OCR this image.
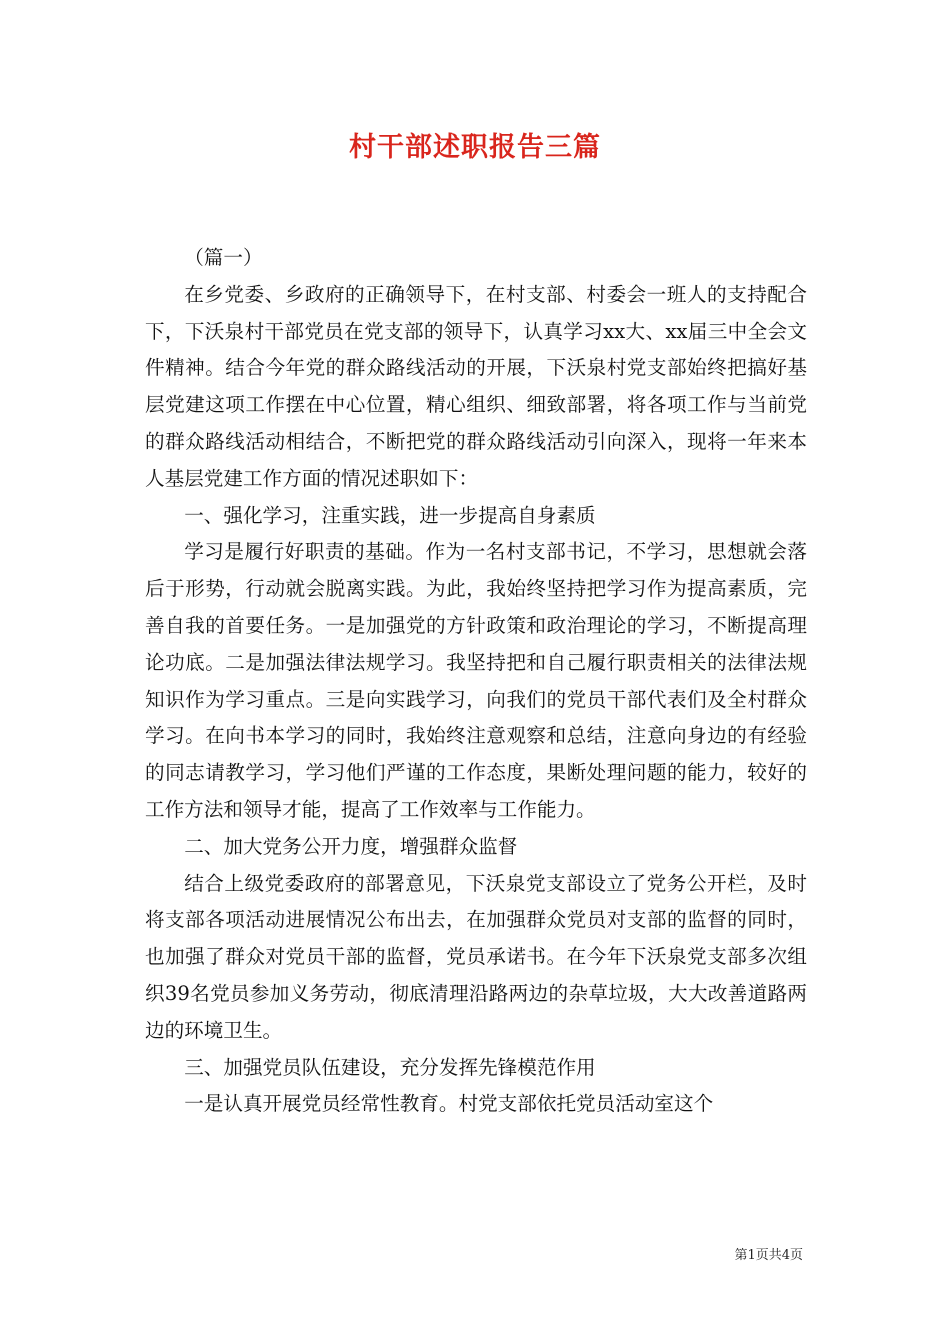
村干部述职报告三篇

（篇一）

在乡党委、乡政府的正确领导下，在村支部、村委会一班人的支持配合下，下沃泉村干部党员在党支部的领导下，认真学习xx大、xx届三中全会文件精神。结合今年党的群众路线活动的开展，下沃泉村党支部始终把搞好基层党建这项工作摆在中心位置，精心组织、细致部署，将各项工作与当前党的群众路线活动相结合，不断把党的群众路线活动引向深入，现将一年来本人基层党建工作方面的情况述职如下：

一、强化学习，注重实践，进一步提高自身素质

学习是履行好职责的基础。作为一名村支部书记，不学习，思想就会落后于形势，行动就会脱离实践。为此，我始终坚持把学习作为提高素质，完善自我的首要任务。一是加强党的方针政策和政治理论的学习，不断提高理论功底。二是加强法律法规学习。我坚持把和自己履行职责相关的法律法规知识作为学习重点。三是向实践学习，向我们的党员干部代表们及全村群众学习。在向书本学习的同时，我始终注意观察和总结，注意向身边的有经验的同志请教学习，学习他们严谨的工作态度，果断处理问题的能力，较好的工作方法和领导才能，提高了工作效率与工作能力。

二、加大党务公开力度，增强群众监督

结合上级党委政府的部署意见，下沃泉党支部设立了党务公开栏，及时将支部各项活动进展情况公布出去，在加强群众党员对支部的监督的同时，也加强了群众对党员干部的监督，党员承诺书。在今年下沃泉党支部多次组织39名党员参加义务劳动，彻底清理沿路两边的杂草垃圾，大大改善道路两边的环境卫生。

三、加强党员队伍建设，充分发挥先锋模范作用

一是认真开展党员经常性教育。村党支部依托党员活动室这个

第1页共4页
